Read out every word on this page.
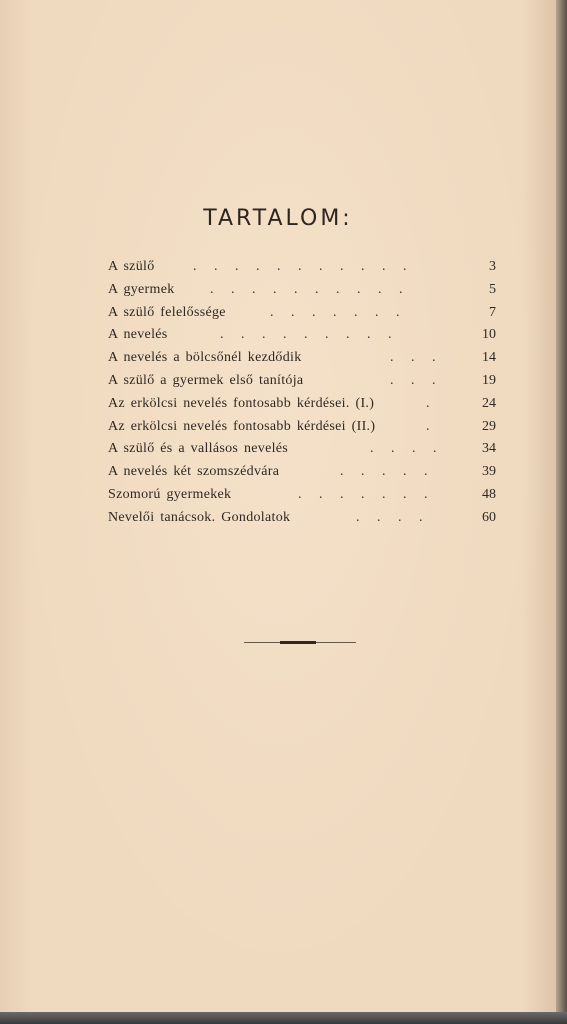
TARTALOM:
A szülő	. . . . . . . . . . .	3
A gyermek	. . . . . . . . . .	5
A szülő felelőssége	. . . . . . .	7
A nevelés	. . . . . . . . .	10
A nevelés a bölcsőnél kezdődik	. . .	14
A szülő a gyermek első tanítója	. . .	19
Az erkölcsi nevelés fontosabb kérdései. (I.)	.	24
Az erkölcsi nevelés fontosabb kérdései (II.)	.	29
A szülő és a vallásos nevelés	. . . .	34
A nevelés két szomszédvára	. . . . .	39
Szomorú gyermekek	. . . . . . .	48
Nevelői tanácsok. Gondolatok	. . . .	60
